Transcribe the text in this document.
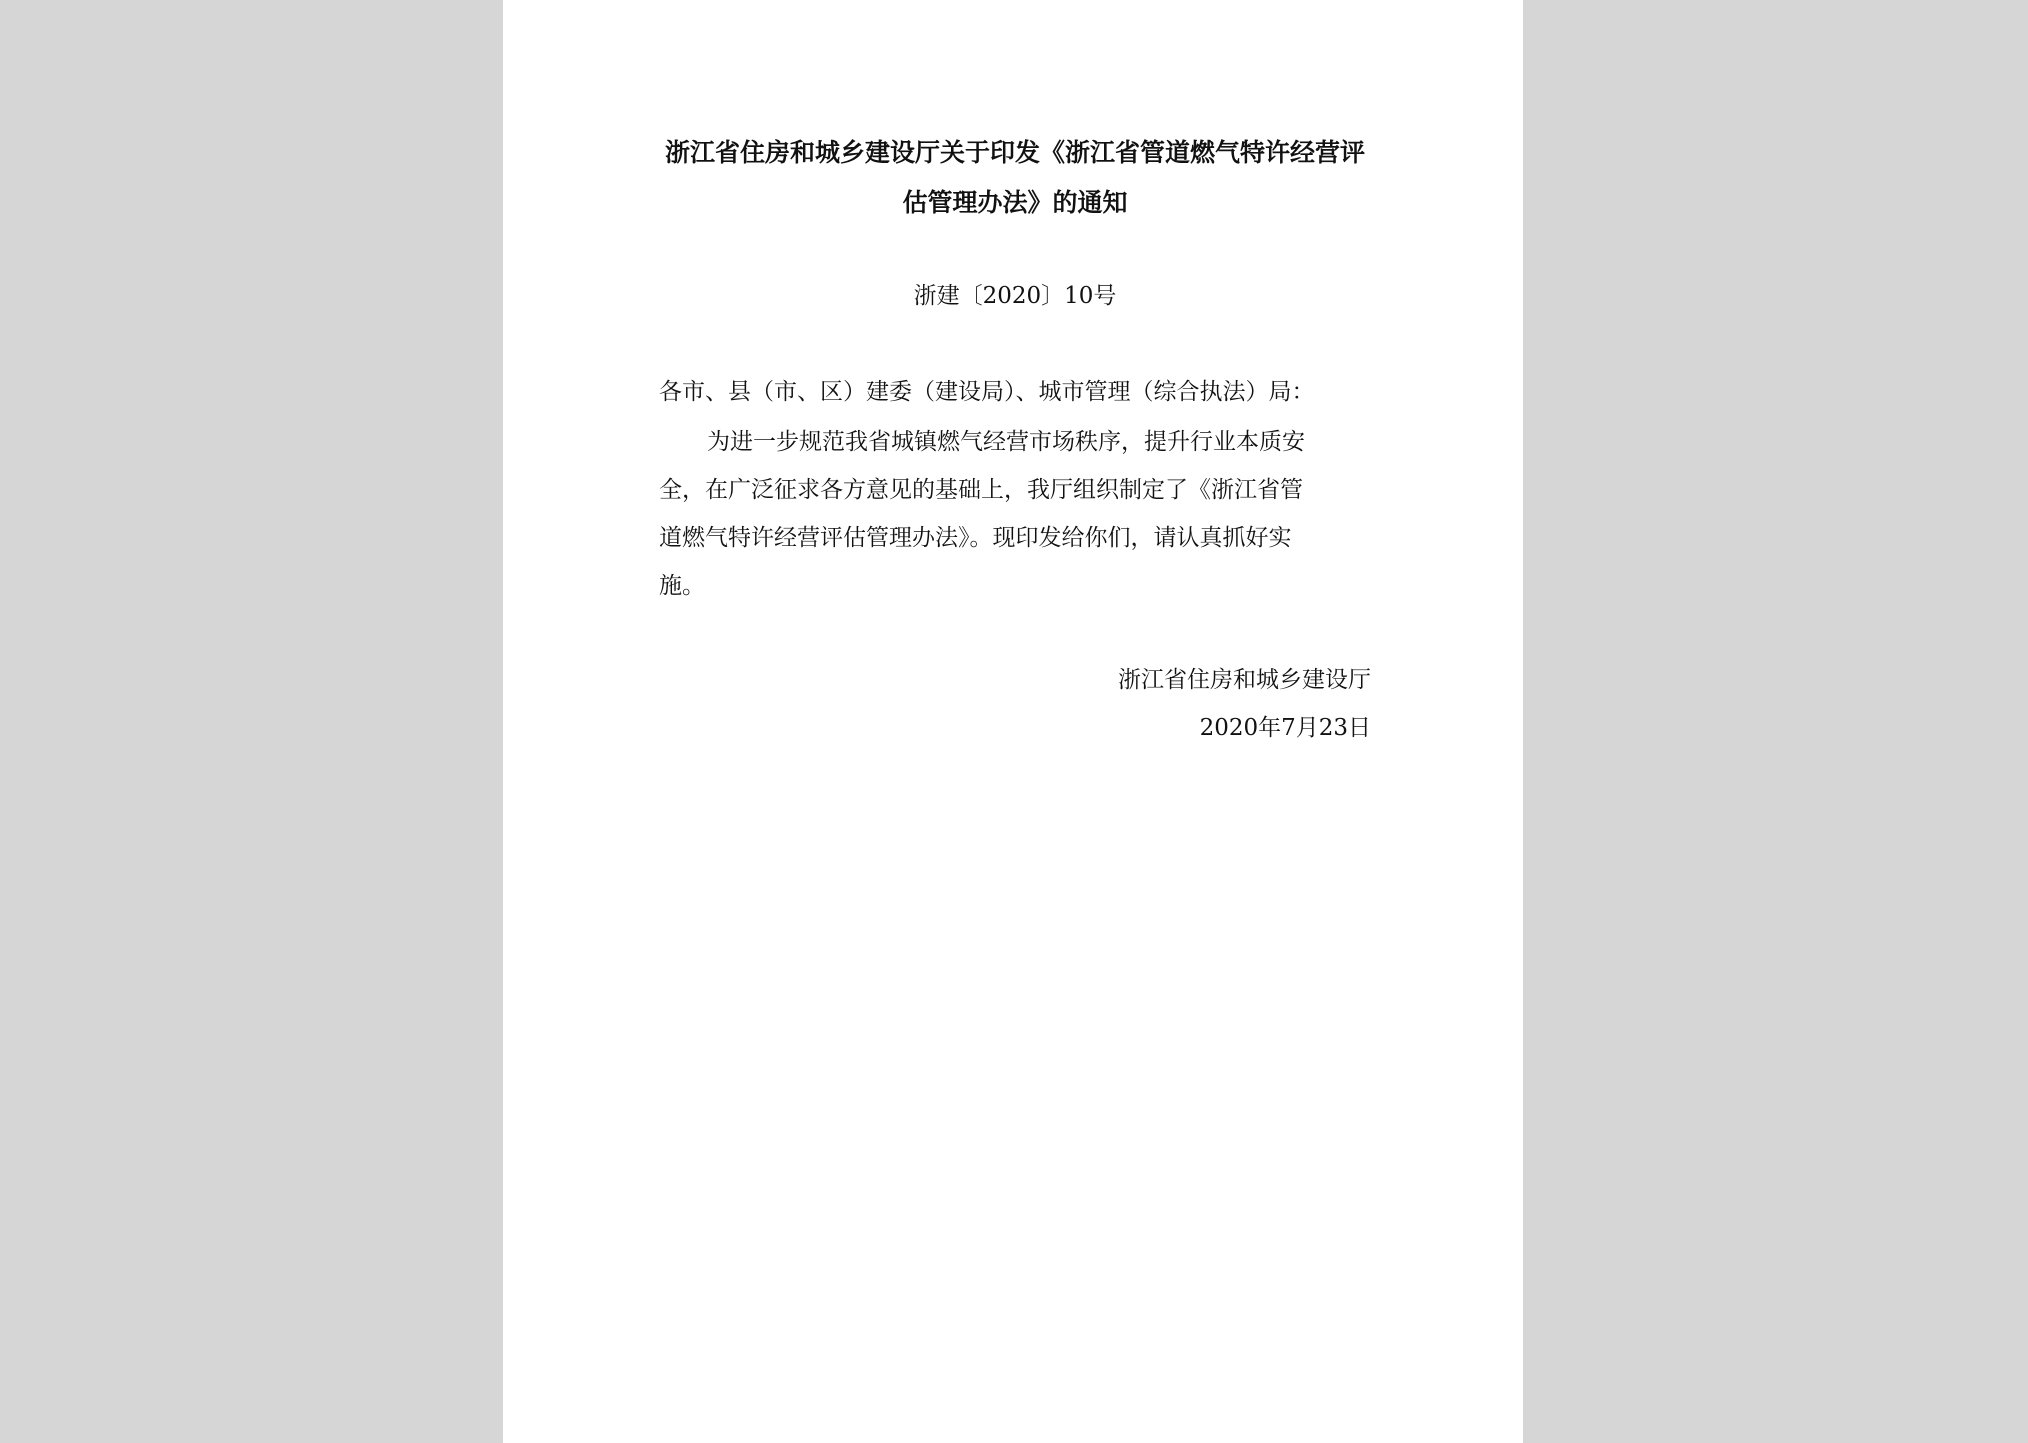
浙江省住房和城乡建设厅关于印发《浙江省管道燃气特许经营评
估管理办法》的通知
浙建〔2020〕10号
各市、县（市、区）建委（建设局）、城市管理（综合执法）局：
为进一步规范我省城镇燃气经营市场秩序，提升行业本质安
全，在广泛征求各方意见的基础上，我厅组织制定了《浙江省管
道燃气特许经营评估管理办法》。现印发给你们，请认真抓好实
施。
浙江省住房和城乡建设厅
2020年7月23日
